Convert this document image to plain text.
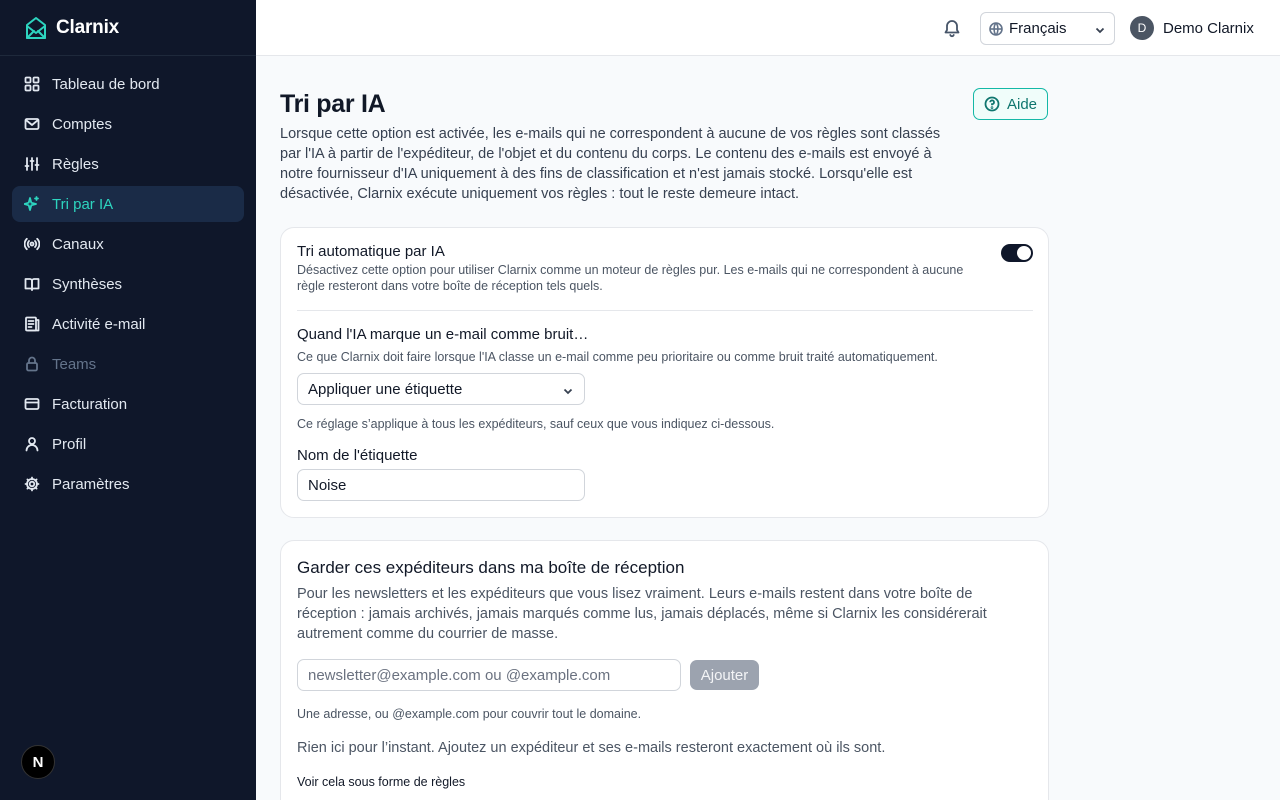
Clarnix
Tableau de bord
Comptes
Règles
Tri par IA
Canaux
Synthèses
Activité e-mail
Teams
Facturation
Profil
Paramètres
N
Français	D	Demo Clarnix
Tri par IA	Aide

Lorsque cette option est activée, les e-mails qui ne correspondent à aucune de vos règles sont classés par l'IA à partir de l'expéditeur, de l'objet et du contenu du corps. Le contenu des e-mails est envoyé à notre fournisseur d'IA uniquement à des fins de classification et n'est jamais stocké. Lorsqu'elle est désactivée, Clarnix exécute uniquement vos règles : tout le reste demeure intact.

Tri automatique par IA
Désactivez cette option pour utiliser Clarnix comme un moteur de règles pur. Les e-mails qui ne correspondent à aucune règle resteront dans votre boîte de réception tels quels.
Quand l'IA marque un e-mail comme bruit…
Ce que Clarnix doit faire lorsque l'IA classe un e-mail comme peu prioritaire ou comme bruit traité automatiquement.
Appliquer une étiquette
Ce réglage s’applique à tous les expéditeurs, sauf ceux que vous indiquez ci-dessous.
Nom de l'étiquette
Noise
Garder ces expéditeurs dans ma boîte de réception

Pour les newsletters et les expéditeurs que vous lisez vraiment. Leurs e-mails restent dans votre boîte de réception : jamais archivés, jamais marqués comme lus, jamais déplacés, même si Clarnix les considérerait autrement comme du courrier de masse.

newsletter@example.com ou @example.com
Ajouter
Une adresse, ou @example.com pour couvrir tout le domaine.
Rien ici pour l’instant. Ajoutez un expéditeur et ses e-mails resteront exactement où ils sont.
Voir cela sous forme de règles
